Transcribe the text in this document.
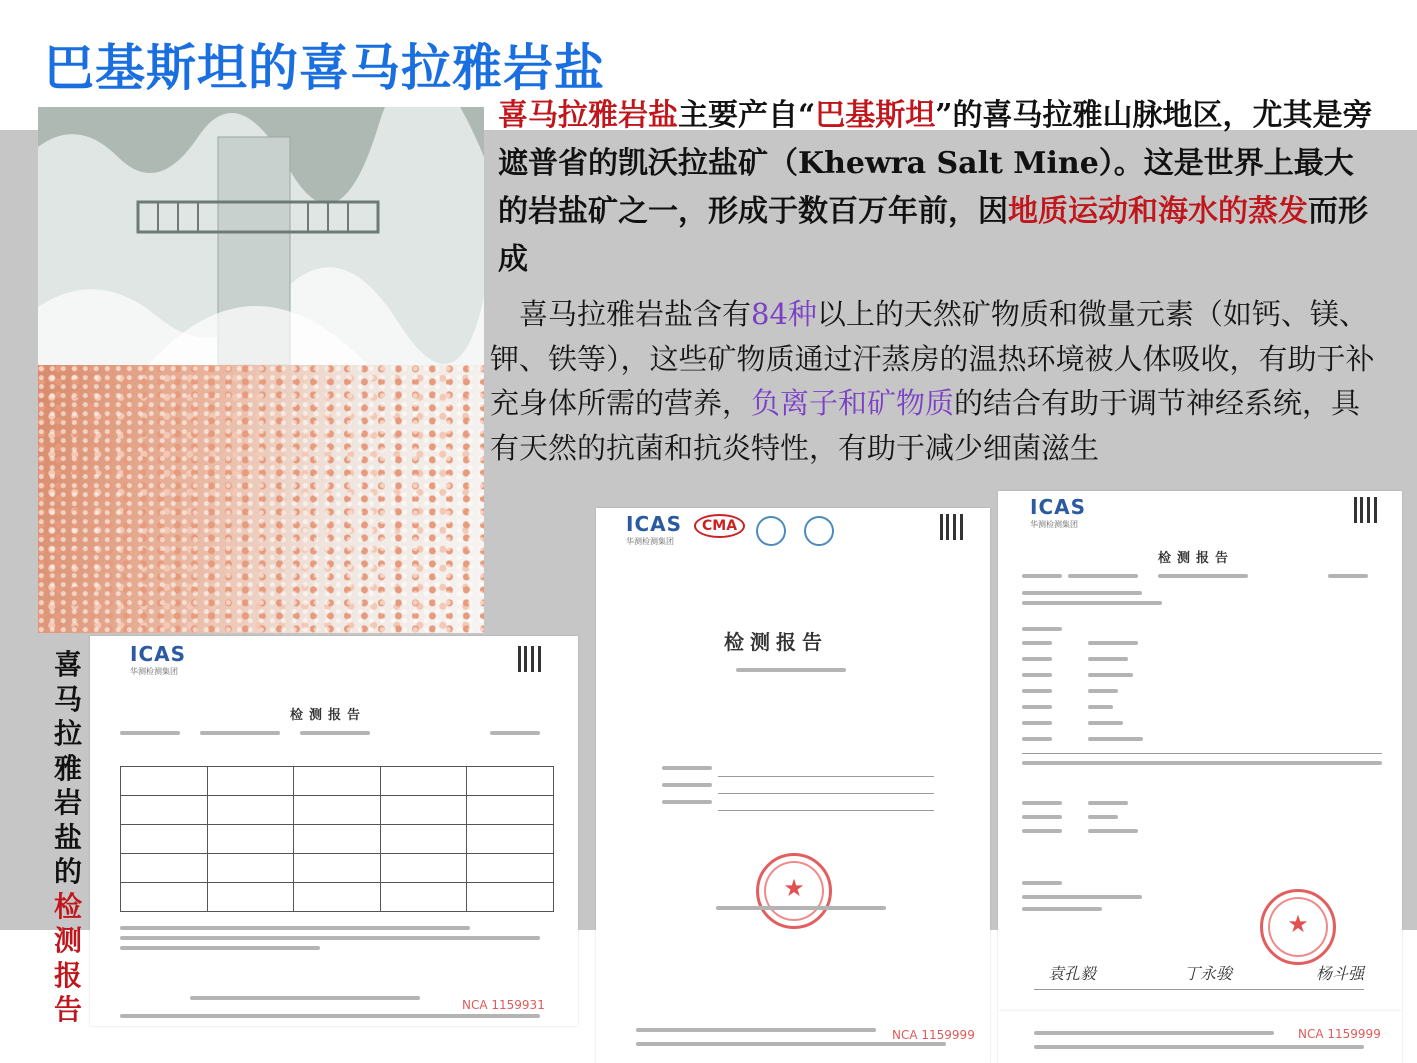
巴基斯坦的喜马拉雅岩盐
喜马拉雅岩盐主要产自“巴基斯坦”的喜马拉雅山脉地区，尤其是旁遮普省的凯沃拉盐矿（Khewra Salt Mine）。这是世界上最大的岩盐矿之一，形成于数百万年前，因地质运动和海水的蒸发而形成
 喜马拉雅岩盐含有84种以上的天然矿物质和微量元素（如钙、镁、钾、铁等），这些矿物质通过汗蒸房的温热环境被人体吸收，有助于补充身体所需的营养，负离子和矿物质的结合有助于调节神经系统，具有天然的抗菌和抗炎特性，有助于减少细菌滋生
喜
马
拉
雅
岩
盐
的
检
测
报
告
ICAS
华测检测集团
检测报告

NCA 1159931
ICAS
华测检测集团
CMA
检测报告
★
NCA 1159999
ICAS
华测检测集团
检测报告
★
袁孔毅	丁永骏	杨斗强
NCA 1159999
